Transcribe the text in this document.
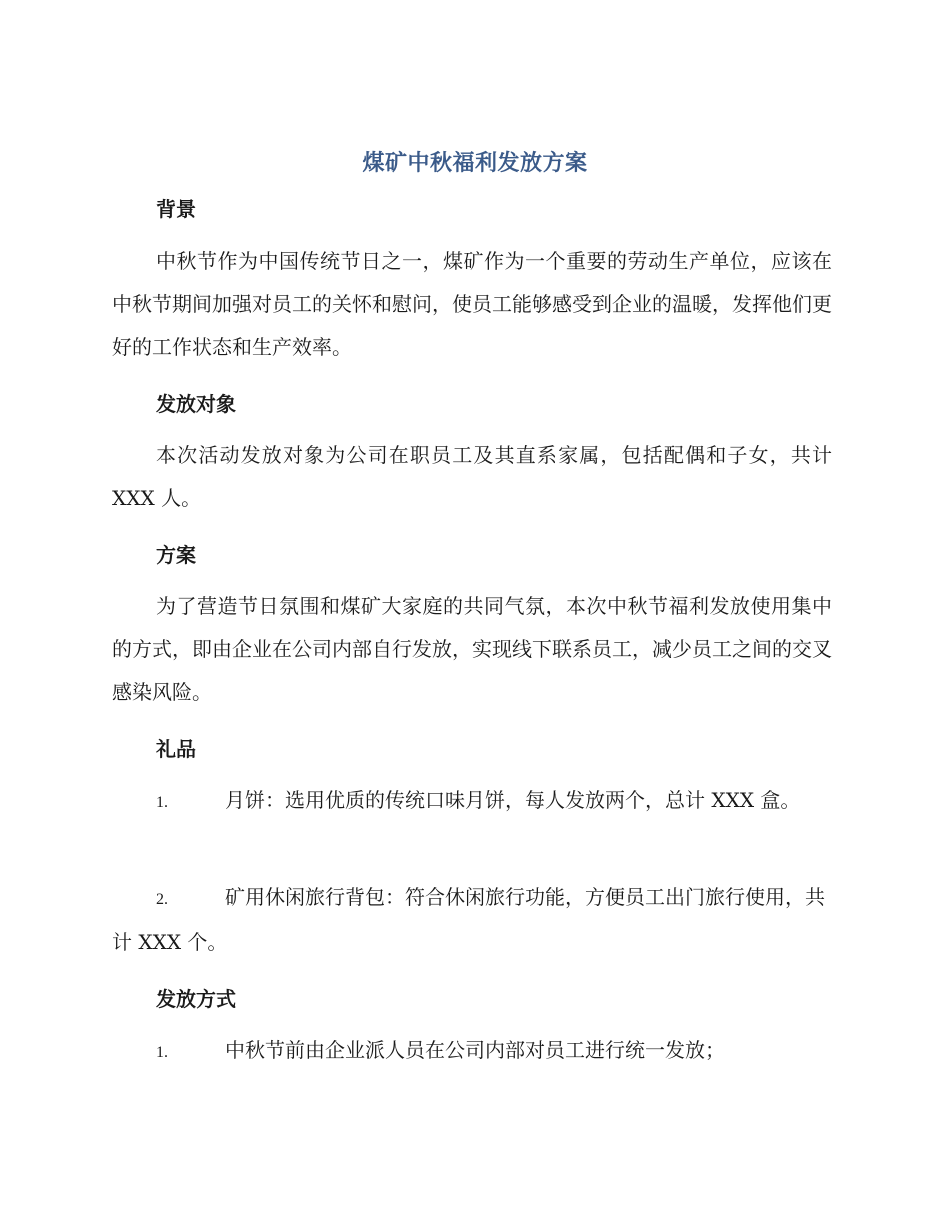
煤矿中秋福利发放方案
背景

中秋节作为中国传统节日之一，煤矿作为一个重要的劳动生产单位，应该在中秋节期间加强对员工的关怀和慰问，使员工能够感受到企业的温暖，发挥他们更好的工作状态和生产效率。

发放对象

本次活动发放对象为公司在职员工及其直系家属，包括配偶和子女，共计 XXX 人。

方案

为了营造节日氛围和煤矿大家庭的共同气氛，本次中秋节福利发放使用集中的方式，即由企业在公司内部自行发放，实现线下联系员工，减少员工之间的交叉感染风险。

礼品

1.	月饼：选用优质的传统口味月饼，每人发放两个，总计 XXX 盒。

2.	矿用休闲旅行背包：符合休闲旅行功能，方便员工出门旅行使用，共计 XXX 个。

发放方式

1.	中秋节前由企业派人员在公司内部对员工进行统一发放；
